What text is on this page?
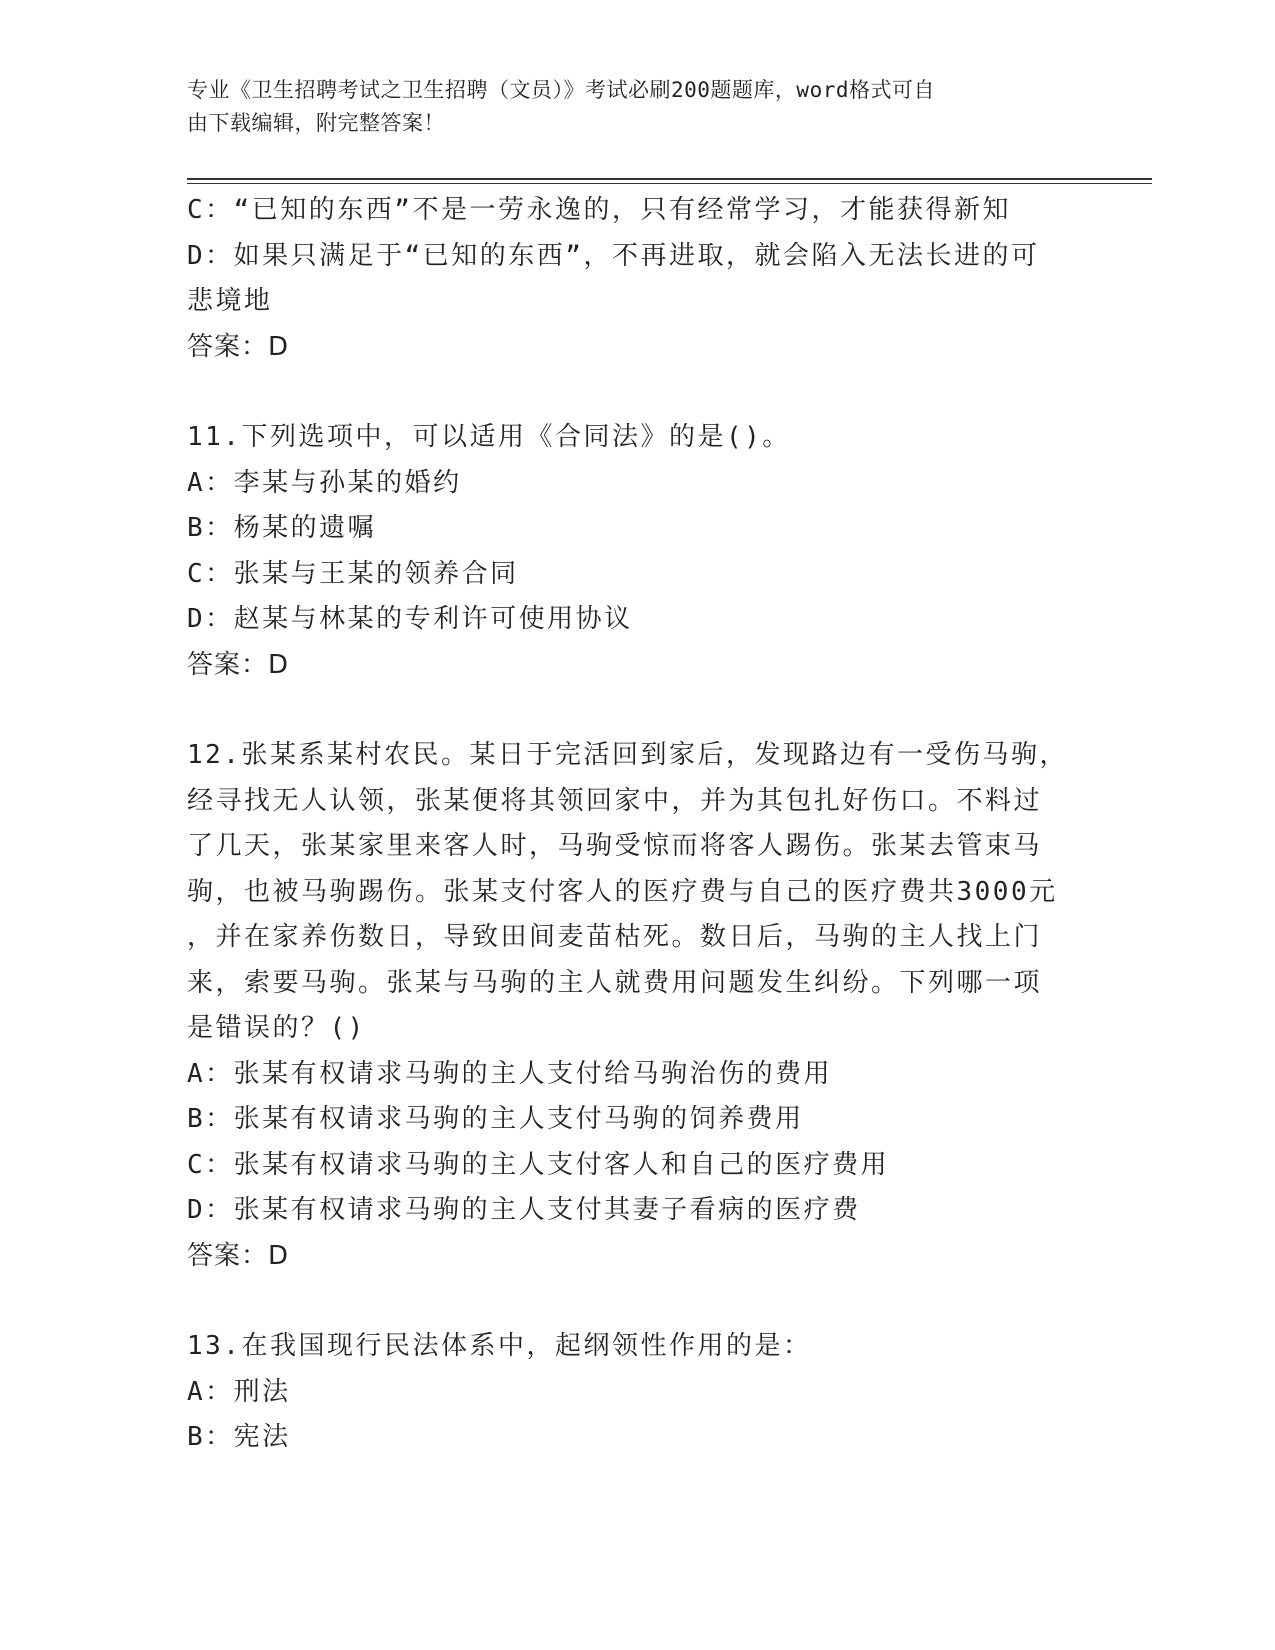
专业《卫生招聘考试之卫生招聘（文员）》考试必刷200题题库，word格式可自
由下载编辑，附完整答案！
C：“已知的东西”不是一劳永逸的，只有经常学习，才能获得新知
D：如果只满足于“已知的东西”，不再进取，就会陷入无法长进的可
悲境地
答案：D
11.下列选项中，可以适用《合同法》的是()。
A：李某与孙某的婚约
B：杨某的遗嘱
C：张某与王某的领养合同
D：赵某与林某的专利许可使用协议
答案：D
12.张某系某村农民。某日于完活回到家后，发现路边有一受伤马驹，
经寻找无人认领，张某便将其领回家中，并为其包扎好伤口。不料过
了几天，张某家里来客人时，马驹受惊而将客人踢伤。张某去管束马
驹，也被马驹踢伤。张某支付客人的医疗费与自己的医疗费共3000元
，并在家养伤数日，导致田间麦苗枯死。数日后，马驹的主人找上门
来，索要马驹。张某与马驹的主人就费用问题发生纠纷。下列哪一项
是错误的？()
A：张某有权请求马驹的主人支付给马驹治伤的费用
B：张某有权请求马驹的主人支付马驹的饲养费用
C：张某有权请求马驹的主人支付客人和自己的医疗费用
D：张某有权请求马驹的主人支付其妻子看病的医疗费
答案：D
13.在我国现行民法体系中，起纲领性作用的是：
A：刑法
B：宪法
